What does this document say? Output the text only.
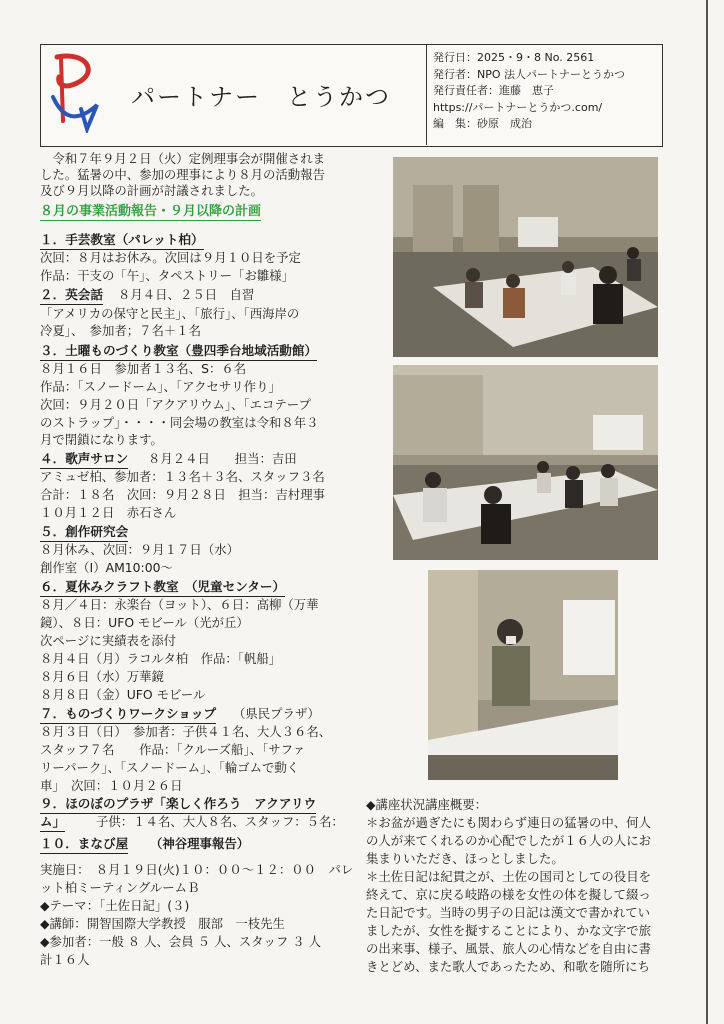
パートナー　とうかつ
発行日：2025・9・8 No. 2561
発行者：NPO 法人パートナーとうかつ
発行責任者：進藤　恵子
https://パートナーとうかつ.com/
編　集：砂原　成治
　令和７年９月２日（火）定例理事会が開催されま
した。猛暑の中、参加の理事により８月の活動報告
及び９月以降の計画が討議されました。
８月の事業活動報告・９月以降の計画
１．手芸教室（パレット柏）
次回：８月はお休み。次回は９月１０日を予定
作品：干支の「午」、タペストリー「お雛様」
２．英会話 ８月４日、２５日　自習
「アメリカの保守と民主」、「旅行」、「西海岸の
冷夏」、　参加者；７名＋１名
３．土曜ものづくり教室（豊四季台地域活動館）
８月１６日　参加者１３名、S：６名
作品：「スノードーム」、「アクセサリ作り」
次回：９月２０日「アクアリウム」、「エコテープ
のストラップ」・・・・同会場の教室は令和８年３
月で閉鎖になります。
４．歌声サロン ８月２４日　　担当：吉田
アミュゼ柏、参加者：１３名＋３名、スタッフ３名
合計：１８名　次回：９月２８日　担当：吉村理事
１０月１２日　赤石さん
５．創作研究会
８月休み、次回：９月１７日（水）
創作室（Ⅰ）AM10:00～
６．夏休みクラフト教室　（児童センター）
８月／４日：永楽台（ヨット）、６日：高柳（万華
鏡）、８日：UFO モビール（光が丘）
次ページに実績表を添付
８月４日（月）ラコルタ柏　作品：「帆船」
８月６日（水）万華鏡
８月８日（金）UFO モビール
７．ものづくりワークショップ （県民プラザ）
８月３日（日）　参加者：子供４１名、大人３６名、
スタッフ７名　　作品：「クルーズ船」、「サファ
リーパーク」、「スノードーム」、「輪ゴムで動く
車」　次回：１０月２６日
９．ほのぼのプラザ「楽しく作ろう　アクアリウ
ム」 子供：１４名、大人８名、スタッフ：５名：
１０．まなび屋 （神谷理事報告）
実施日：　８月１９日(火)１０：００～１２：００　パレ
ット柏ミーティングルームＢ
◆テーマ：「土佐日記」(３)
◆講師：開智国際大学教授　服部　一枝先生
◆参加者：一般 ８ 人、会員 ５ 人、スタッフ ３ 人
計１６人
◆講座状況講座概要：
＊お盆が過ぎたにも関わらず連日の猛暑の中、何人
の人が来てくれるのか心配でしたが１６人の人にお
集まりいただき、ほっとしました。
＊土佐日記は紀貫之が、土佐の国司としての役目を
終えて、京に戻る岐路の様を女性の体を擬して綴っ
た日記です。当時の男子の日記は漢文で書かれてい
ましたが、女性を擬することにより、かな文字で旅
の出来事、様子、風景、旅人の心情などを自由に書
きとどめ、また歌人であったため、和歌を随所にち
